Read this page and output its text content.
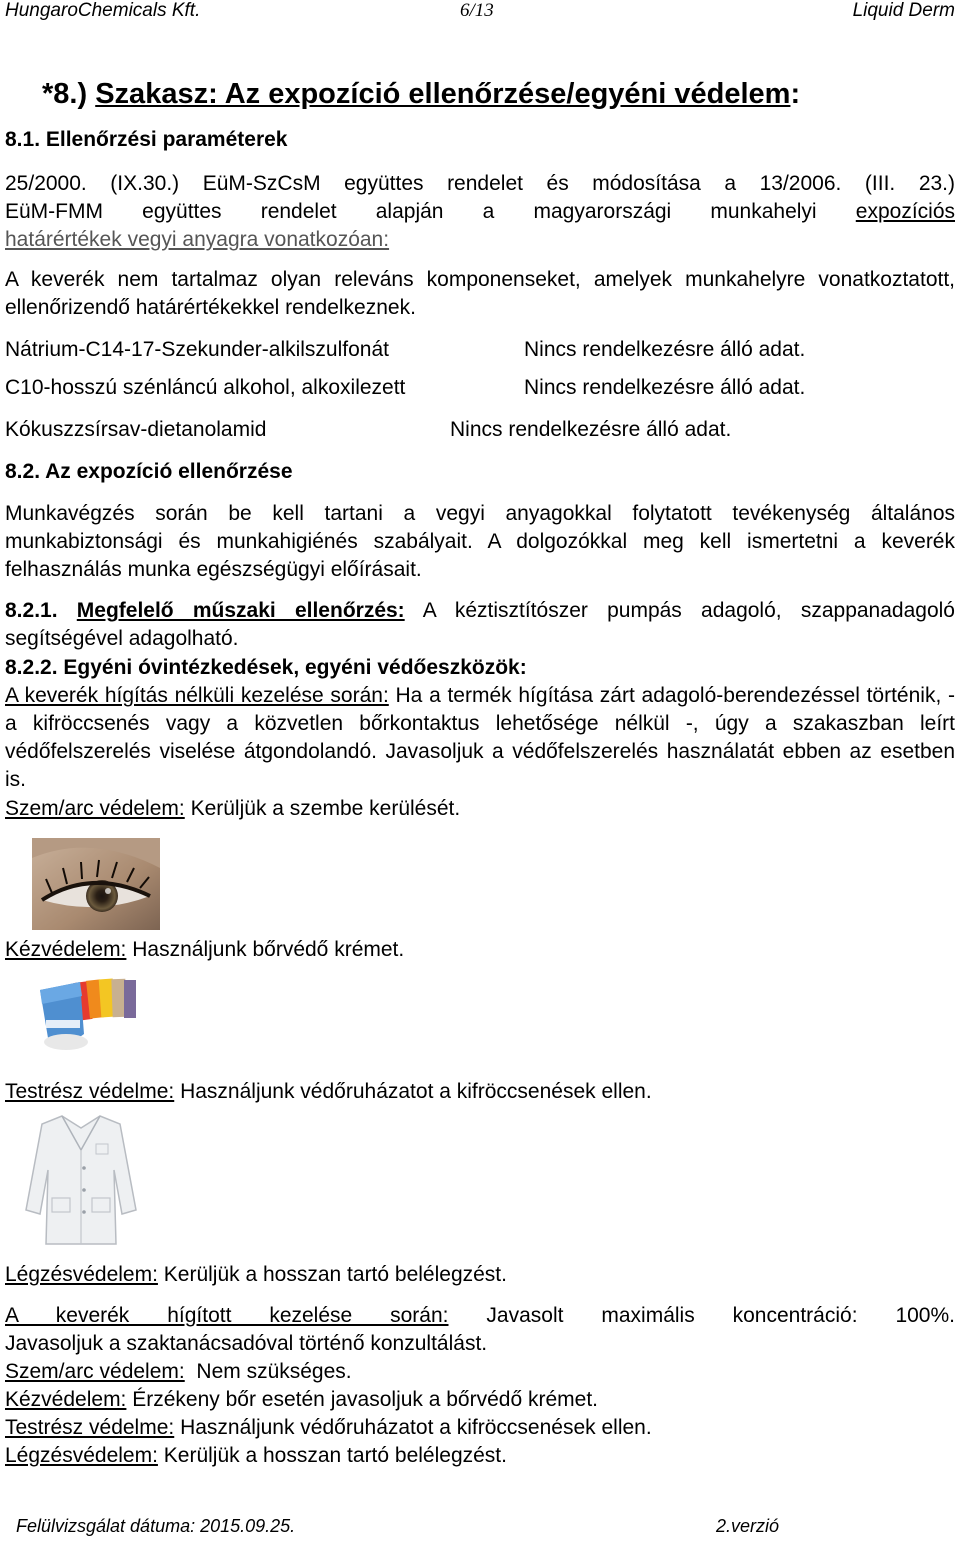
HungaroChemicals Kft.	6/13	Liquid Derm
*8.) Szakasz: Az expozíció ellenőrzése/egyéni védelem:
8.1. Ellenőrzési paraméterek
25/2000. (IX.30.) EüM-SzCsM együttes rendelet és módosítása a 13/2006. (III. 23.)
EüM-FMM együttes rendelet alapján a magyarországi munkahelyi expozíciós
határértékek vegyi anyagra vonatkozóan:
A keverék nem tartalmaz olyan releváns komponenseket, amelyek munkahelyre vonatkoztatott, ellenőrizendő határértékekkel rendelkeznek.
Nátrium-C14-17-Szekunder-alkilszulfonát	Nincs rendelkezésre álló adat.
C10-hosszú szénláncú alkohol, alkoxilezett	Nincs rendelkezésre álló adat.
Kókuszzsírsav-dietanolamid	Nincs rendelkezésre álló adat.
8.2. Az expozíció ellenőrzése
Munkavégzés során be kell tartani a vegyi anyagokkal folytatott tevékenység általános munkabiztonsági és munkahigiénés szabályait. A dolgozókkal meg kell ismertetni a keverék felhasználás munka egészségügyi előírásait.
8.2.1. Megfelelő műszaki ellenőrzés: A kéztisztítószer pumpás adagoló, szappanadagoló segítségével adagolható.
8.2.2. Egyéni óvintézkedések, egyéni védőeszközök:
A keverék hígítás nélküli kezelése során: Ha a termék hígítása zárt adagoló-berendezéssel történik, - a kifröccsenés vagy a közvetlen bőrkontaktus lehetősége nélkül -, úgy a szakaszban leírt védőfelszerelés viselése átgondolandó. Javasoljuk a védőfelszerelés használatát ebben az esetben is.
Szem/arc védelem: Kerüljük a szembe kerülését.
Kézvédelem: Használjunk bőrvédő krémet.
Testrész védelme: Használjunk védőruházatot a kifröccsenések ellen.
Légzésvédelem: Kerüljük a hosszan tartó belélegzést.
A keverék hígított kezelése során: Javasolt maximális koncentráció: 100%.
Javasoljuk a szaktanácsadóval történő konzultálást.
Szem/arc védelem: Nem szükséges.
Kézvédelem: Érzékeny bőr esetén javasoljuk a bőrvédő krémet.
Testrész védelme: Használjunk védőruházatot a kifröccsenések ellen.
Légzésvédelem: Kerüljük a hosszan tartó belélegzést.
Felülvizsgálat dátuma: 2015.09.25.	2.verzió
